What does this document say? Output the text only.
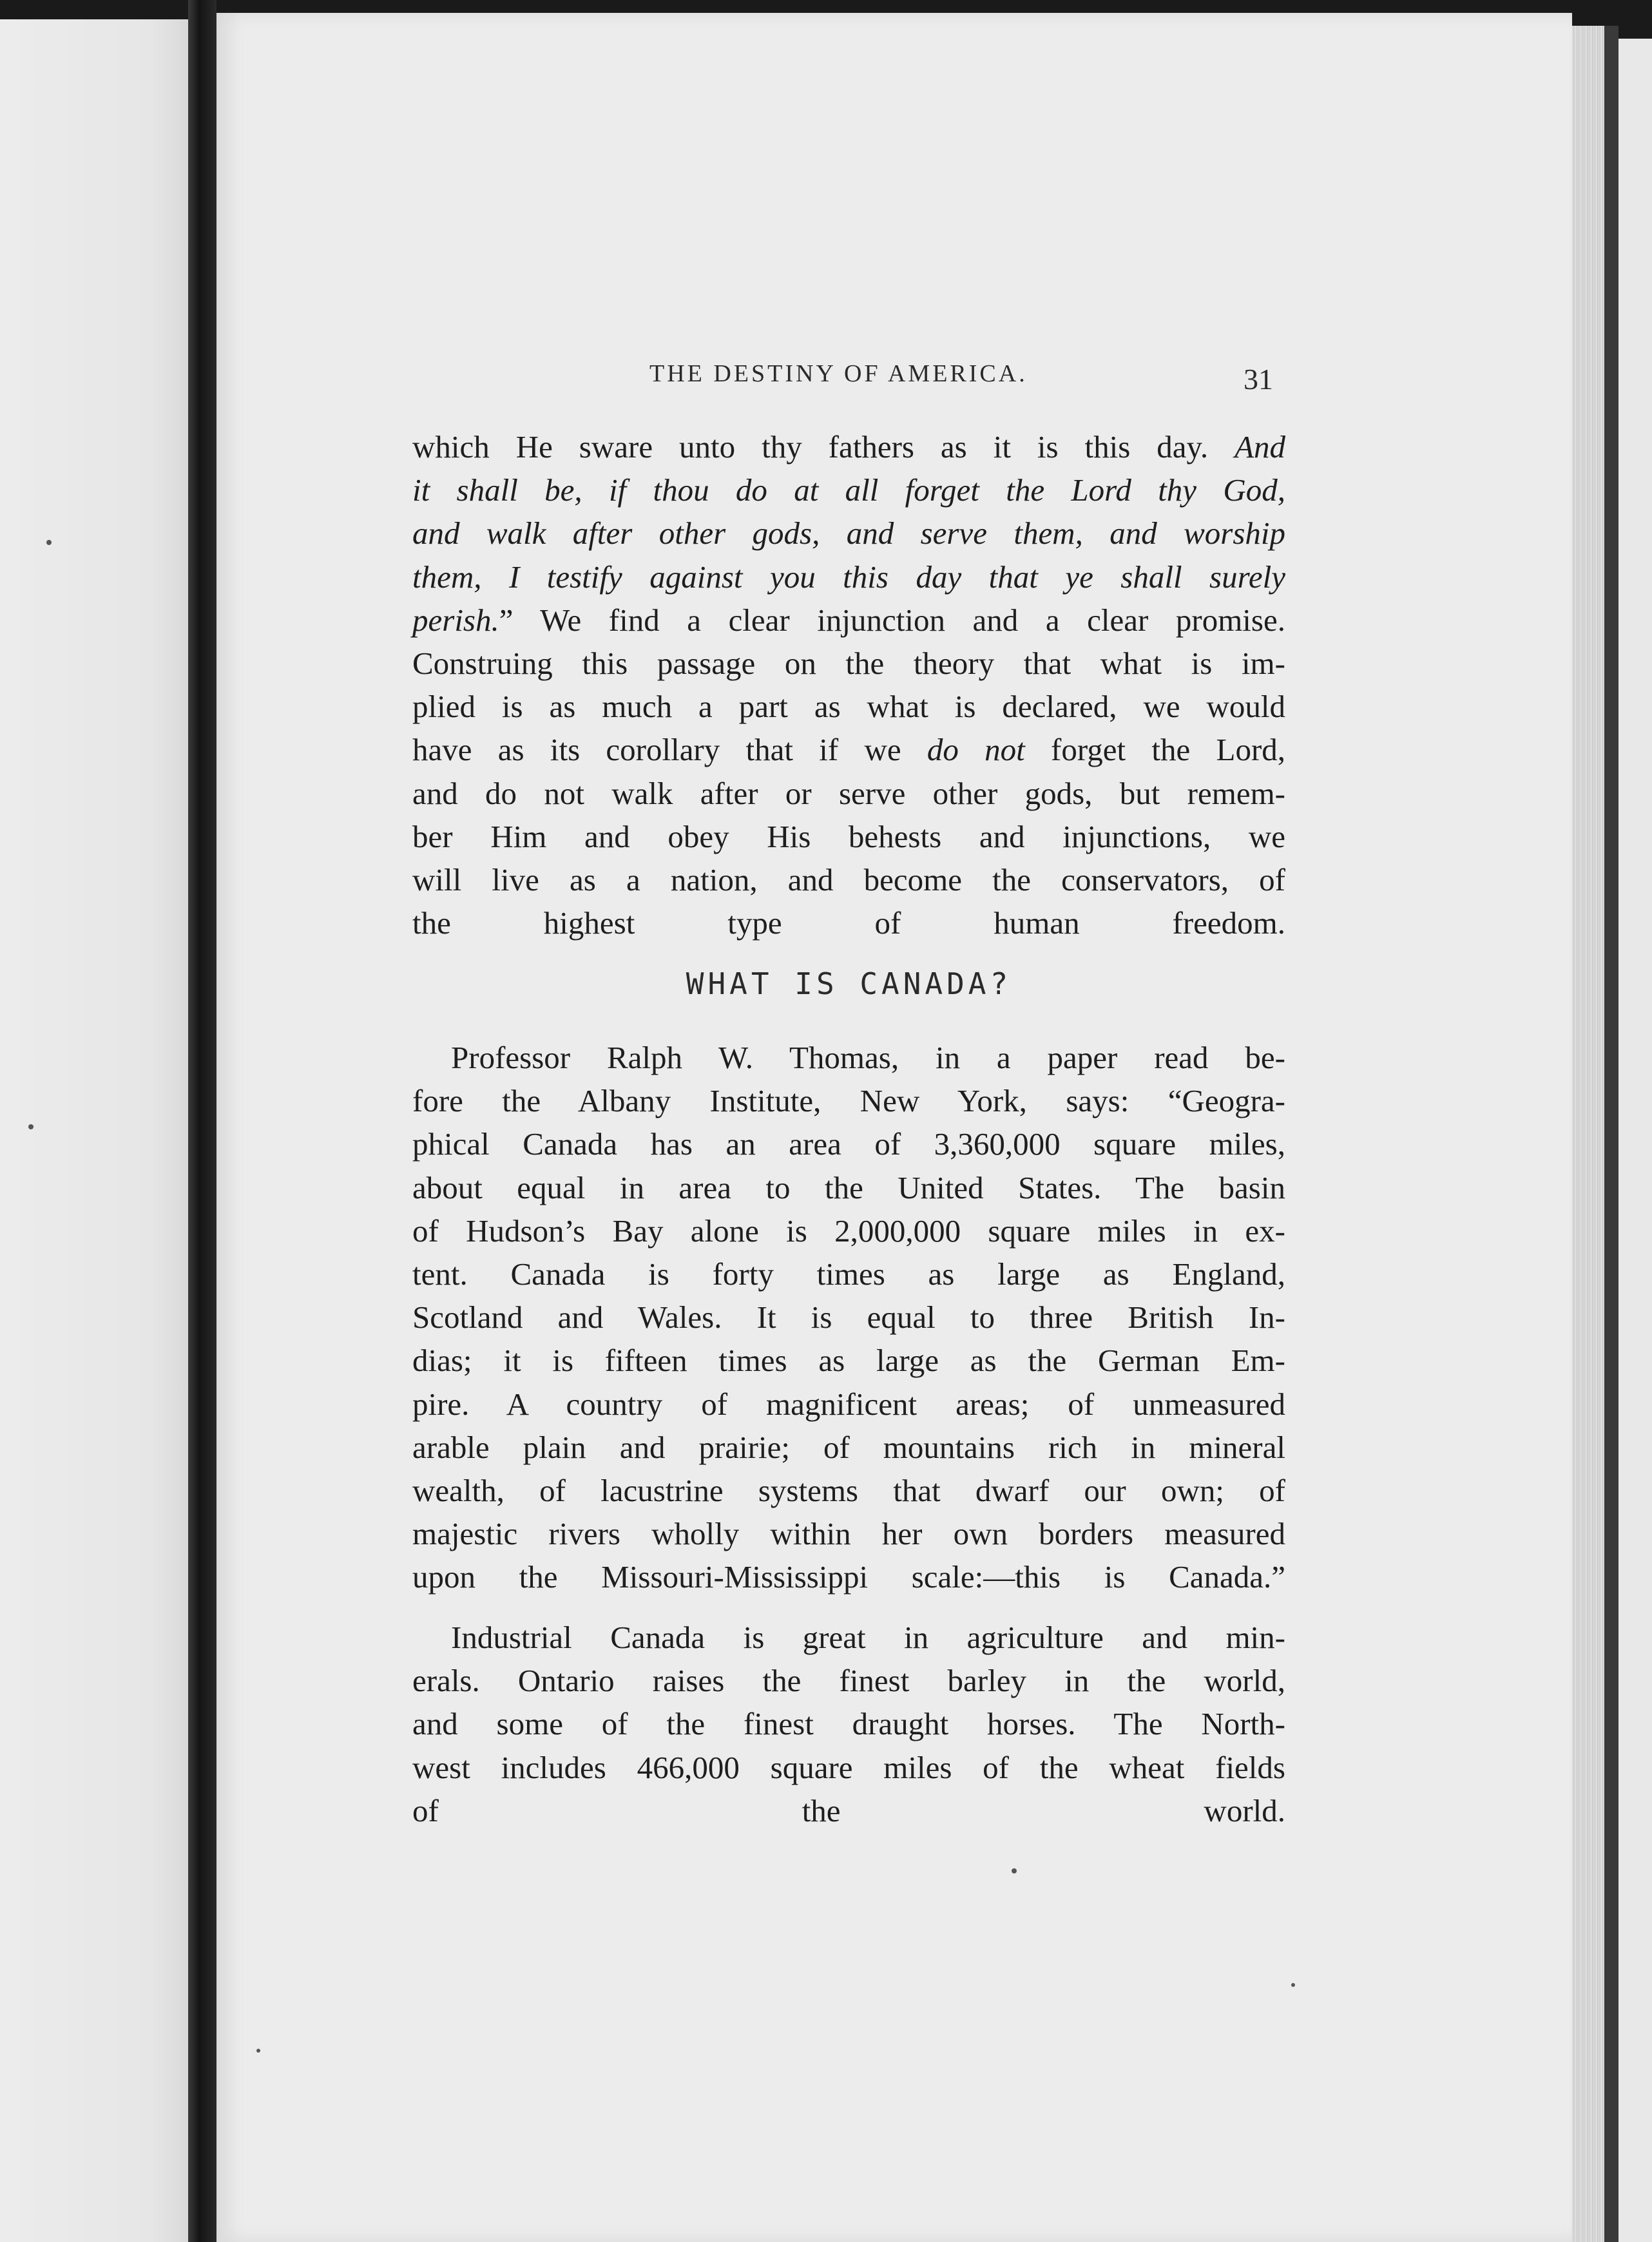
THE DESTINY OF AMERICA.	31
which He sware unto thy fathers as it is this day. And
it shall be, if thou do at all forget the Lord thy God,
and walk after other gods, and serve them, and worship
them, I testify against you this day that ye shall surely
perish.” We find a clear injunction and a clear promise.
Construing this passage on the theory that what is im-
plied is as much a part as what is declared, we would
have as its corollary that if we do not forget the Lord,
and do not walk after or serve other gods, but remem-
ber Him and obey His behests and injunctions, we
will live as a nation, and become the conservators, of
the highest type of human freedom.
WHAT IS CANADA?
Professor Ralph W. Thomas, in a paper read be-
fore the Albany Institute, New York, says: “Geogra-
phical Canada has an area of 3,360,000 square miles,
about equal in area to the United States. The basin
of Hudson’s Bay alone is 2,000,000 square miles in ex-
tent. Canada is forty times as large as England,
Scotland and Wales. It is equal to three British In-
dias; it is fifteen times as large as the German Em-
pire. A country of magnificent areas; of unmeasured
arable plain and prairie; of mountains rich in mineral
wealth, of lacustrine systems that dwarf our own; of
majestic rivers wholly within her own borders measured
upon the Missouri-Mississippi scale:—this is Canada.”
Industrial Canada is great in agriculture and min-
erals. Ontario raises the finest barley in the world,
and some of the finest draught horses. The North-
west includes 466,000 square miles of the wheat fields
of the world.
